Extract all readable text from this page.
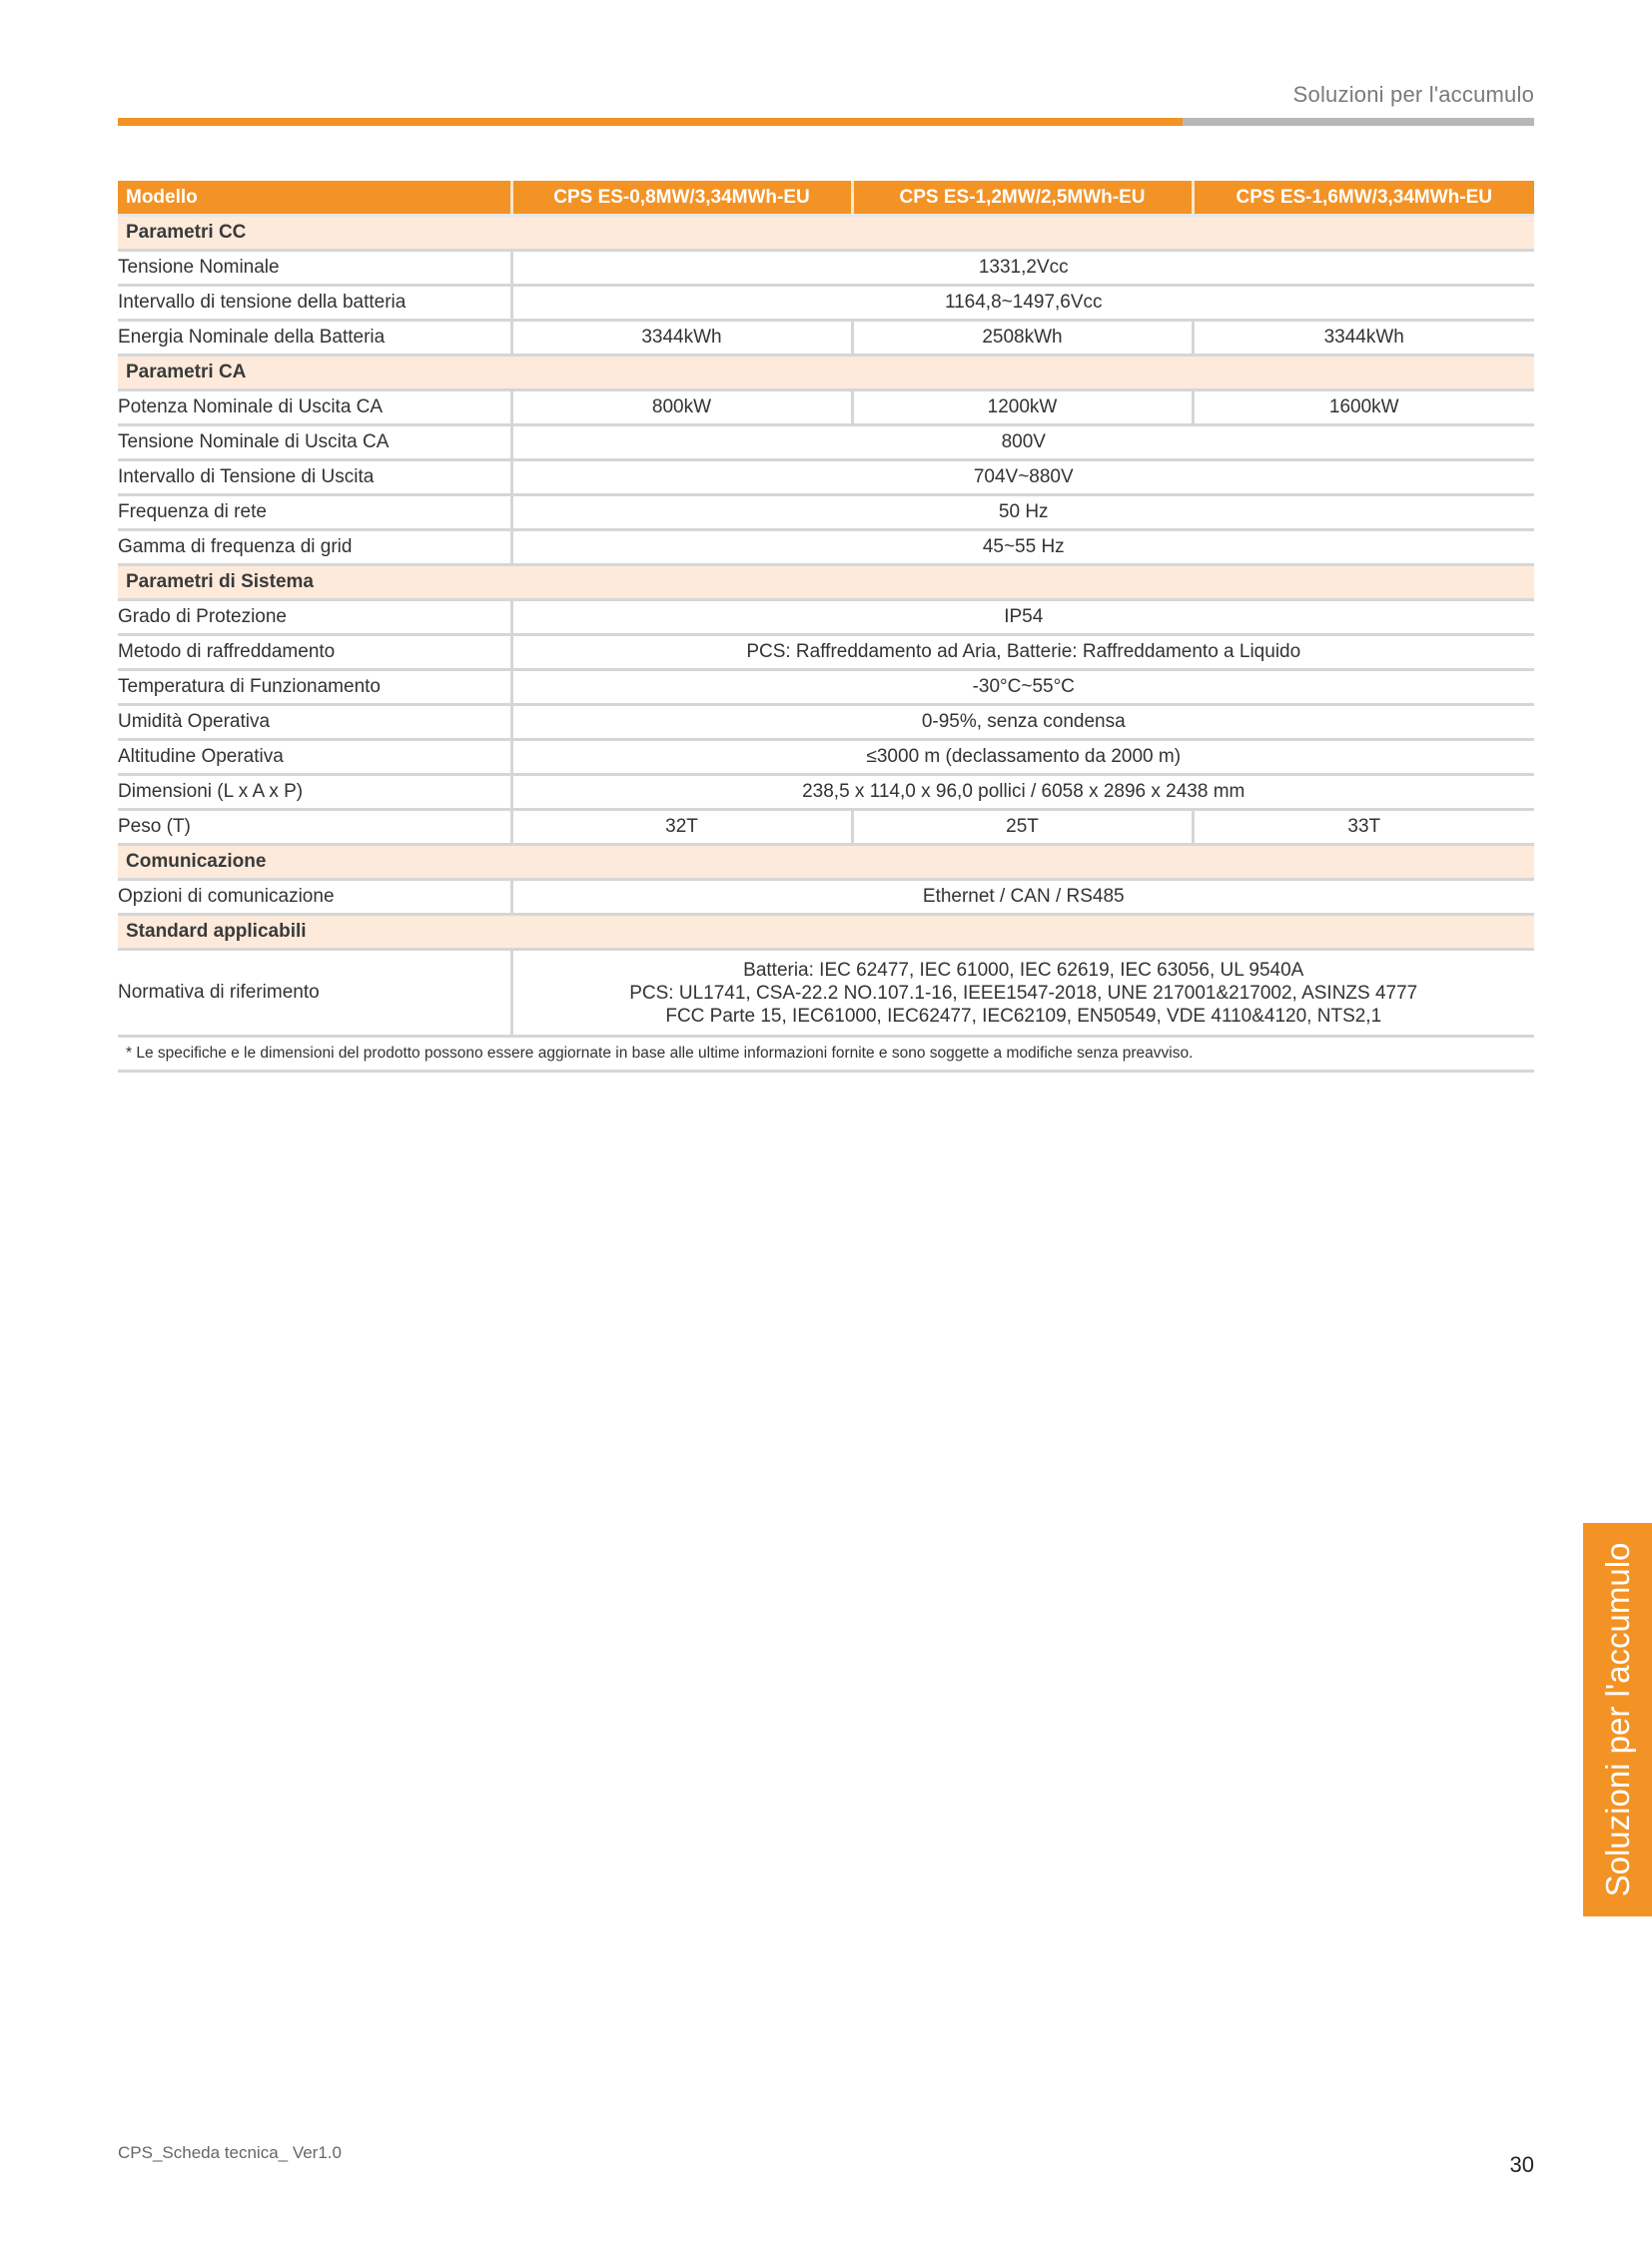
Soluzioni per l'accumulo
Modello	CPS ES-0,8MW/3,34MWh-EU	CPS ES-1,2MW/2,5MWh-EU	CPS ES-1,6MW/3,34MWh-EU
Parametri CC			
Tensione Nominale	1331,2Vcc		
Intervallo di tensione della batteria	1164,8~1497,6Vcc		
Energia Nominale della Batteria	3344kWh	2508kWh	3344kWh
Parametri CA			
Potenza Nominale di Uscita CA	800kW	1200kW	1600kW
Tensione Nominale di Uscita CA	800V		
Intervallo di Tensione di Uscita	704V~880V		
Frequenza di rete	50 Hz		
Gamma di frequenza di grid	45~55 Hz		
Parametri di Sistema			
Grado di Protezione	IP54		
Metodo di raffreddamento	PCS: Raffreddamento ad Aria, Batterie: Raffreddamento a Liquido		
Temperatura di Funzionamento	-30°C~55°C		
Umidità Operativa	0-95%, senza condensa		
Altitudine Operativa	≤3000 m (declassamento da 2000 m)		
Dimensioni (L x A x P)	238,5 x 114,0 x 96,0 pollici / 6058 x 2896 x 2438 mm		
Peso (T)	32T	25T	33T
Comunicazione			
Opzioni di comunicazione	Ethernet / CAN / RS485		
Standard applicabili			
Normativa di riferimento	Batteria: IEC 62477, IEC 61000, IEC 62619, IEC 63056, UL 9540A
PCS: UL1741, CSA-22.2 NO.107.1-16, IEEE1547-2018, UNE 217001&217002, ASINZS 4777
FCC Parte 15, IEC61000, IEC62477, IEC62109, EN50549, VDE 4110&4120, NTS2,1		

* Le specifiche e le dimensioni del prodotto possono essere aggiornate in base alle ultime informazioni fornite e sono soggette a modifiche senza preavviso.			
Soluzioni per l'accumulo
CPS_Scheda tecnica_ Ver1.0	30
